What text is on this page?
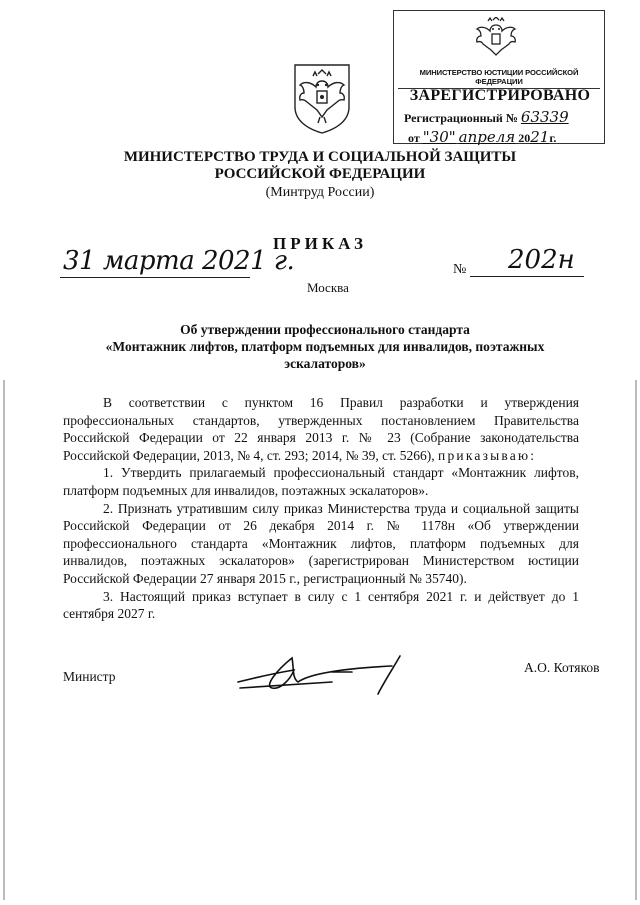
МИНИСТЕРСТВО ЮСТИЦИИ РОССИЙСКОЙ ФЕДЕРАЦИИ
ЗАРЕГИСТРИРОВАНО
Регистрационный № 63339
от "30" апреля 2021г.
МИНИСТЕРСТВО ТРУДА И СОЦИАЛЬНОЙ ЗАЩИТЫ
РОССИЙСКОЙ ФЕДЕРАЦИИ
(Минтруд России)
ПРИКАЗ
31 марта 2021 г.
Москва
№ 202н
Об утверждении профессионального стандарта
«Монтажник лифтов, платформ подъемных для инвалидов, поэтажных эскалаторов»

В соответствии с пунктом 16 Правил разработки и утверждения профессиональных стандартов, утвержденных постановлением Правительства Российской Федерации от 22 января 2013 г. № 23 (Собрание законодательства Российской Федерации, 2013, № 4, ст. 293; 2014, № 39, ст. 5266), приказываю:

1. Утвердить прилагаемый профессиональный стандарт «Монтажник лифтов, платформ подъемных для инвалидов, поэтажных эскалаторов».

2. Признать утратившим силу приказ Министерства труда и социальной защиты Российской Федерации от 26 декабря 2014 г. № 1178н «Об утверждении профессионального стандарта «Монтажник лифтов, платформ подъемных для инвалидов, поэтажных эскалаторов» (зарегистрирован Министерством юстиции Российской Федерации 27 января 2015 г., регистрационный № 35740).

3. Настоящий приказ вступает в силу с 1 сентября 2021 г. и действует до 1 сентября 2027 г.

Министр
А.О. Котяков
